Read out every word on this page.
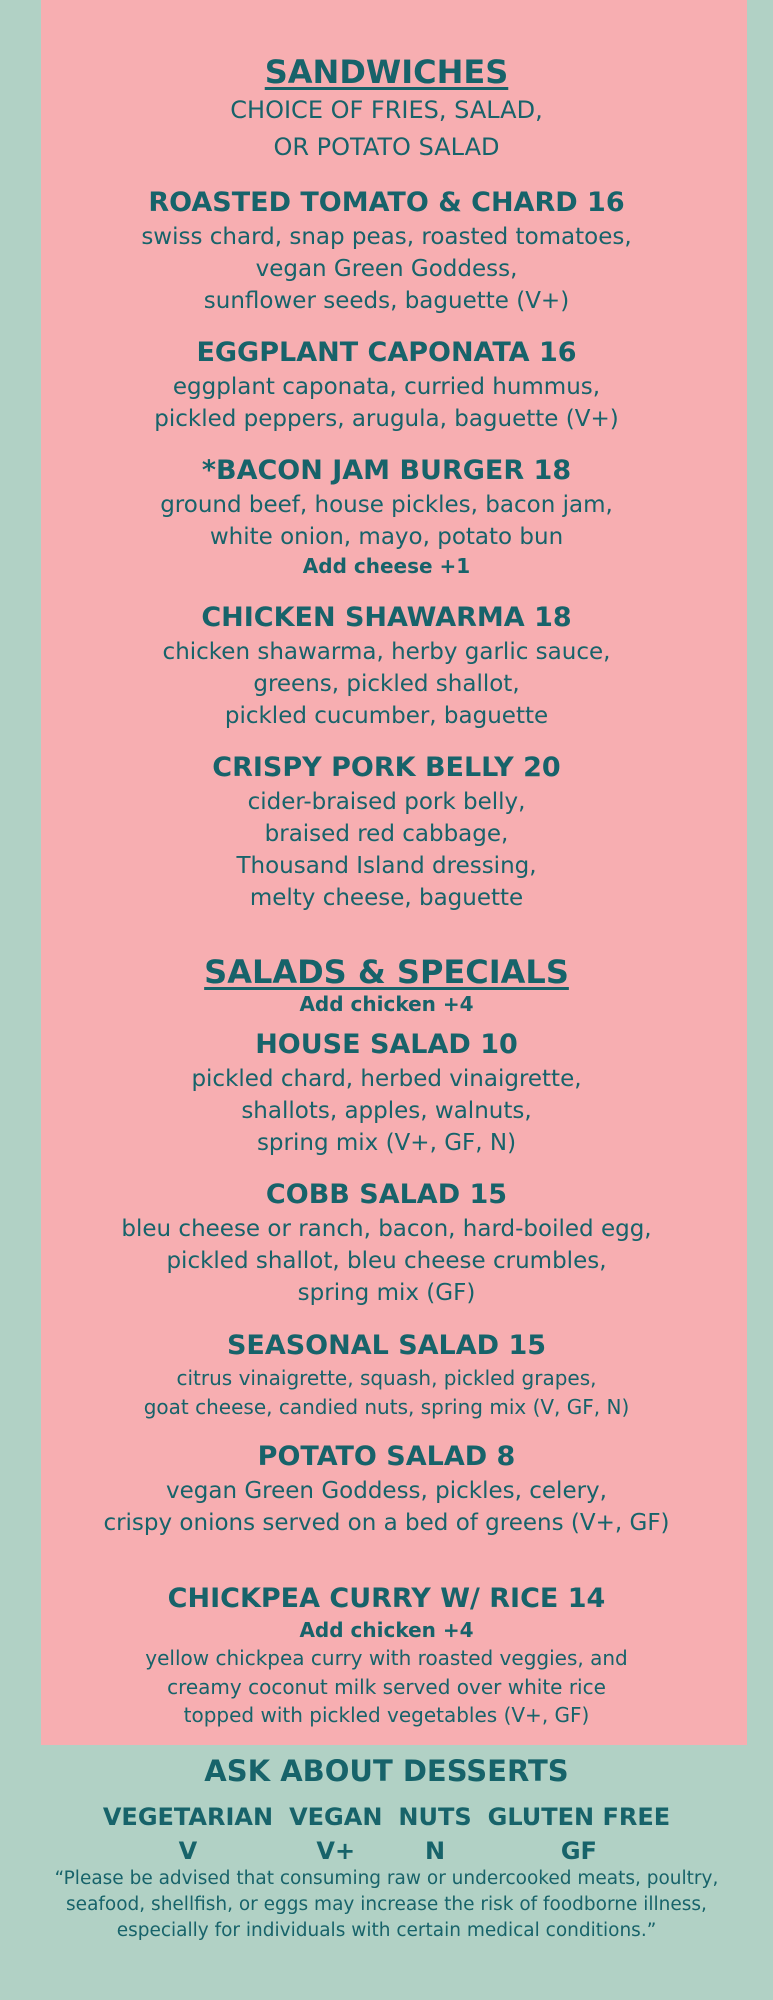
SANDWICHES
CHOICE OF FRIES, SALAD,
OR POTATO SALAD
ROASTED TOMATO & CHARD 16
swiss chard, snap peas, roasted tomatoes,
vegan Green Goddess,
sunflower seeds, baguette (V+)
EGGPLANT CAPONATA 16
eggplant caponata, curried hummus,
pickled peppers, arugula, baguette (V+)
*BACON JAM BURGER 18
ground beef, house pickles, bacon jam,
white onion, mayo, potato bun
Add cheese +1
CHICKEN SHAWARMA 18
chicken shawarma, herby garlic sauce,
greens, pickled shallot,
pickled cucumber, baguette
CRISPY PORK BELLY 20
cider-braised pork belly,
braised red cabbage,
Thousand Island dressing,
melty cheese, baguette
SALADS & SPECIALS
Add chicken +4
HOUSE SALAD 10
pickled chard, herbed vinaigrette,
shallots, apples, walnuts,
spring mix (V+, GF, N)
COBB SALAD 15
bleu cheese or ranch, bacon, hard-boiled egg,
pickled shallot, bleu cheese crumbles,
spring mix (GF)
SEASONAL SALAD 15
citrus vinaigrette, squash, pickled grapes,
goat cheese, candied nuts, spring mix (V, GF, N)
POTATO SALAD 8
vegan Green Goddess, pickles, celery,
crispy onions served on a bed of greens (V+, GF)
CHICKPEA CURRY W/ RICE 14
Add chicken +4
yellow chickpea curry with roasted veggies, and
creamy coconut milk served over white rice
topped with pickled vegetables (V+, GF)
ASK ABOUT DESSERTS
VEGETARIAN
V
VEGAN
V+
NUTS
N
GLUTEN FREE
GF
“Please be advised that consuming raw or undercooked meats, poultry,
seafood, shellfish, or eggs may increase the risk of foodborne illness,
especially for individuals with certain medical conditions.”
